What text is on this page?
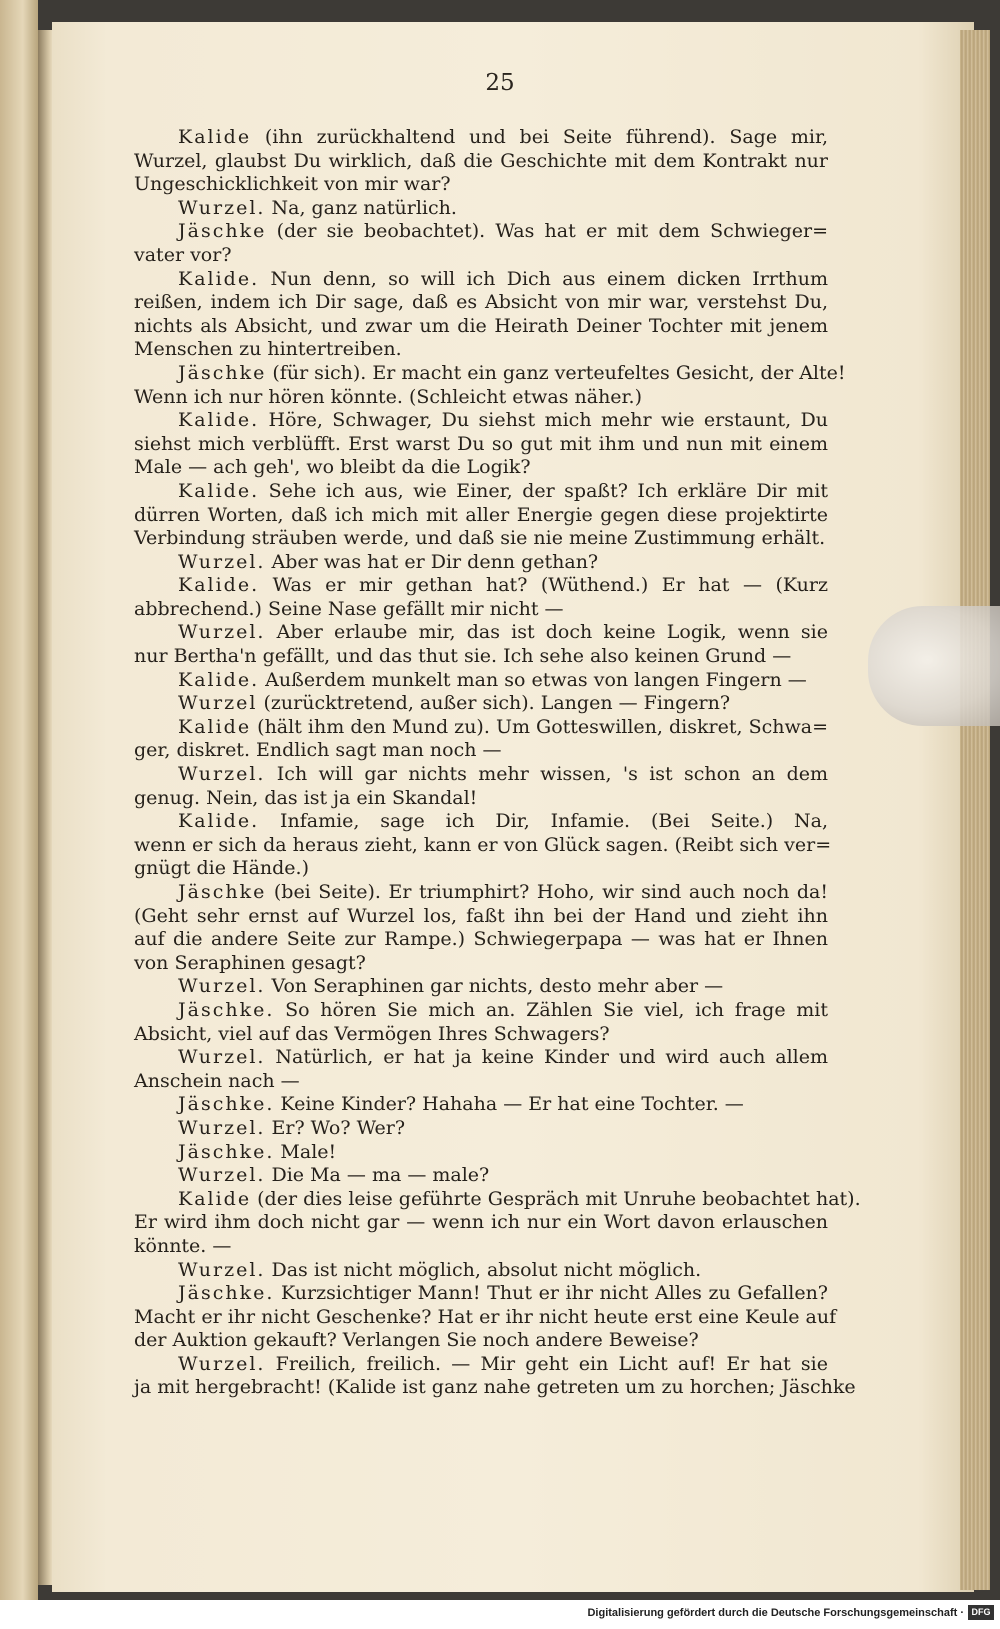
25
Kalide (ihn zurückhaltend und bei Seite führend). Sage mir,
Wurzel, glaubst Du wirklich, daß die Geschichte mit dem Kontrakt nur
Ungeschicklichkeit von mir war?
Wurzel. Na, ganz natürlich.
Jäschke (der sie beobachtet). Was hat er mit dem Schwieger=
vater vor?
Kalide. Nun denn, so will ich Dich aus einem dicken Irrthum
reißen, indem ich Dir sage, daß es Absicht von mir war, verstehst Du,
nichts als Absicht, und zwar um die Heirath Deiner Tochter mit jenem
Menschen zu hintertreiben.
Jäschke (für sich). Er macht ein ganz verteufeltes Gesicht, der Alte!
Wenn ich nur hören könnte. (Schleicht etwas näher.)
Kalide. Höre, Schwager, Du siehst mich mehr wie erstaunt, Du
siehst mich verblüfft. Erst warst Du so gut mit ihm und nun mit einem
Male — ach geh', wo bleibt da die Logik?
Kalide. Sehe ich aus, wie Einer, der spaßt? Ich erkläre Dir mit
dürren Worten, daß ich mich mit aller Energie gegen diese projektirte
Verbindung sträuben werde, und daß sie nie meine Zustimmung erhält.
Wurzel. Aber was hat er Dir denn gethan?
Kalide. Was er mir gethan hat? (Wüthend.) Er hat — (Kurz
abbrechend.) Seine Nase gefällt mir nicht —
Wurzel. Aber erlaube mir, das ist doch keine Logik, wenn sie
nur Bertha'n gefällt, und das thut sie. Ich sehe also keinen Grund —
Kalide. Außerdem munkelt man so etwas von langen Fingern —
Wurzel (zurücktretend, außer sich). Langen — Fingern?
Kalide (hält ihm den Mund zu). Um Gotteswillen, diskret, Schwa=
ger, diskret. Endlich sagt man noch —
Wurzel. Ich will gar nichts mehr wissen, 's ist schon an dem
genug. Nein, das ist ja ein Skandal!
Kalide. Infamie, sage ich Dir, Infamie. (Bei Seite.) Na,
wenn er sich da heraus zieht, kann er von Glück sagen. (Reibt sich ver=
gnügt die Hände.)
Jäschke (bei Seite). Er triumphirt? Hoho, wir sind auch noch da!
(Geht sehr ernst auf Wurzel los, faßt ihn bei der Hand und zieht ihn
auf die andere Seite zur Rampe.) Schwiegerpapa — was hat er Ihnen
von Seraphinen gesagt?
Wurzel. Von Seraphinen gar nichts, desto mehr aber —
Jäschke. So hören Sie mich an. Zählen Sie viel, ich frage mit
Absicht, viel auf das Vermögen Ihres Schwagers?
Wurzel. Natürlich, er hat ja keine Kinder und wird auch allem
Anschein nach —
Jäschke. Keine Kinder? Hahaha — Er hat eine Tochter. —
Wurzel. Er? Wo? Wer?
Jäschke. Male!
Wurzel. Die Ma — ma — male?
Kalide (der dies leise geführte Gespräch mit Unruhe beobachtet hat).
Er wird ihm doch nicht gar — wenn ich nur ein Wort davon erlauschen
könnte. —
Wurzel. Das ist nicht möglich, absolut nicht möglich.
Jäschke. Kurzsichtiger Mann! Thut er ihr nicht Alles zu Gefallen?
Macht er ihr nicht Geschenke? Hat er ihr nicht heute erst eine Keule auf
der Auktion gekauft? Verlangen Sie noch andere Beweise?
Wurzel. Freilich, freilich. — Mir geht ein Licht auf! Er hat sie
ja mit hergebracht! (Kalide ist ganz nahe getreten um zu horchen; Jäschke
Digitalisierung gefördert durch die Deutsche Forschungsgemeinschaft · DFG
